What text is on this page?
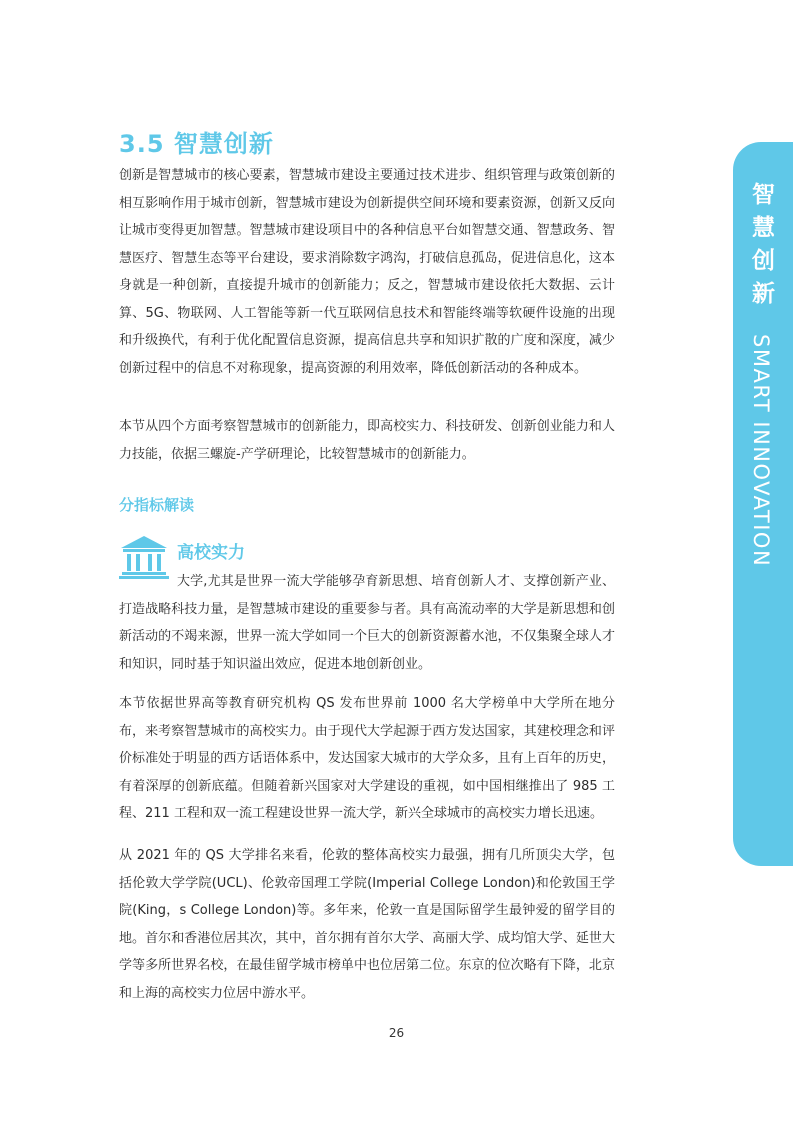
3.5 智慧创新

创新是智慧城市的核心要素，智慧城市建设主要通过技术进步、组织管理与政策创新的相互影响作用于城市创新，智慧城市建设为创新提供空间环境和要素资源，创新又反向让城市变得更加智慧。智慧城市建设项目中的各种信息平台如智慧交通、智慧政务、智慧医疗、智慧生态等平台建设，要求消除数字鸿沟，打破信息孤岛，促进信息化，这本身就是一种创新，直接提升城市的创新能力；反之，智慧城市建设依托大数据、云计算、5G、物联网、人工智能等新一代互联网信息技术和智能终端等软硬件设施的出现和升级换代，有利于优化配置信息资源，提高信息共享和知识扩散的广度和深度，减少创新过程中的信息不对称现象，提高资源的利用效率，降低创新活动的各种成本。

本节从四个方面考察智慧城市的创新能力，即高校实力、科技研发、创新创业能力和人力技能，依据三螺旋-产学研理论，比较智慧城市的创新能力。

分指标解读
高校实力

大学,尤其是世界一流大学能够孕育新思想、培育创新人才、支撑创新产业、打造战略科技力量，是智慧城市建设的重要参与者。具有高流动率的大学是新思想和创新活动的不竭来源，世界一流大学如同一个巨大的创新资源蓄水池，不仅集聚全球人才和知识，同时基于知识溢出效应，促进本地创新创业。

本节依据世界高等教育研究机构 QS 发布世界前 1000 名大学榜单中大学所在地分布，来考察智慧城市的高校实力。由于现代大学起源于西方发达国家，其建校理念和评价标准处于明显的西方话语体系中，发达国家大城市的大学众多，且有上百年的历史，有着深厚的创新底蕴。但随着新兴国家对大学建设的重视，如中国相继推出了 985 工程、211 工程和双一流工程建设世界一流大学，新兴全球城市的高校实力增长迅速。

从 2021 年的 QS 大学排名来看，伦敦的整体高校实力最强，拥有几所顶尖大学，包括伦敦大学学院(UCL)、伦敦帝国理工学院(Imperial College London)和伦敦国王学院(King，s College London)等。多年来，伦敦一直是国际留学生最钟爱的留学目的地。首尔和香港位居其次，其中，首尔拥有首尔大学、高丽大学、成均馆大学、延世大学等多所世界名校，在最佳留学城市榜单中也位居第二位。东京的位次略有下降，北京和上海的高校实力位居中游水平。

26
智慧创新 SMART INNOVATION
